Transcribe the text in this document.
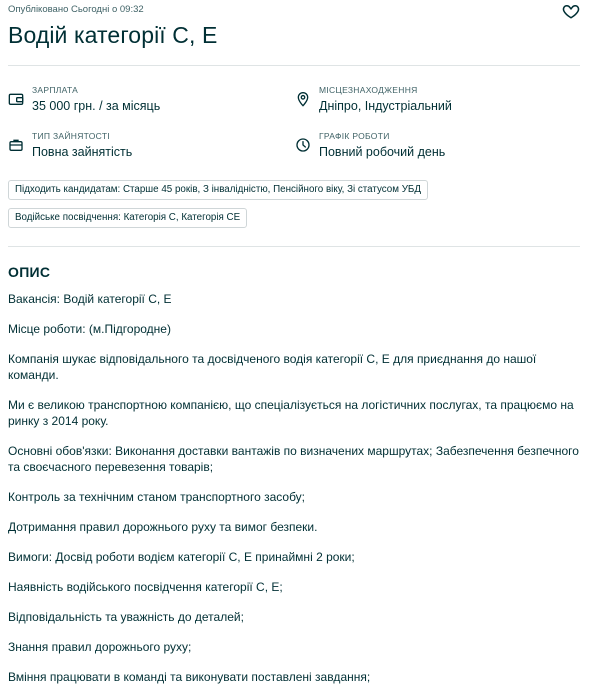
Опубліковано Сьогодні о 09:32
Водій категорії С, Е
ЗАРПЛАТА
35 000 грн. / за місяць
МІСЦЕЗНАХОДЖЕННЯ
Дніпро, Індустріальний
ТИП ЗАЙНЯТОСТІ
Повна зайнятість
ГРАФІК РОБОТИ
Повний робочий день
Підходить кандидатам: Старше 45 років, З інвалідністю, Пенсійного віку, Зі статусом УБД
Водійське посвідчення: Категорія C, Категорія CE
ОПИС

Вакансія: Водій категорії С, Е

Місце роботи: (м.Підгородне)

Компанія шукає відповідального та досвідченого водія категорії С, Е для приєднання до нашої команди.

Ми є великою транспортною компанією, що спеціалізується на логістичних послугах, та працюємо на ринку з 2014 року.

Основні обов'язки: Виконання доставки вантажів по визначених маршрутах; Забезпечення безпечного та своєчасного перевезення товарів;

Контроль за технічним станом транспортного засобу;

Дотримання правил дорожнього руху та вимог безпеки.

Вимоги: Досвід роботи водієм категорії С, Е принаймні 2 роки;

Наявність водійського посвідчення категорії С, Е;

Відповідальність та уважність до деталей;

Знання правил дорожнього руху;

Вміння працювати в команді та виконувати поставлені завдання;
